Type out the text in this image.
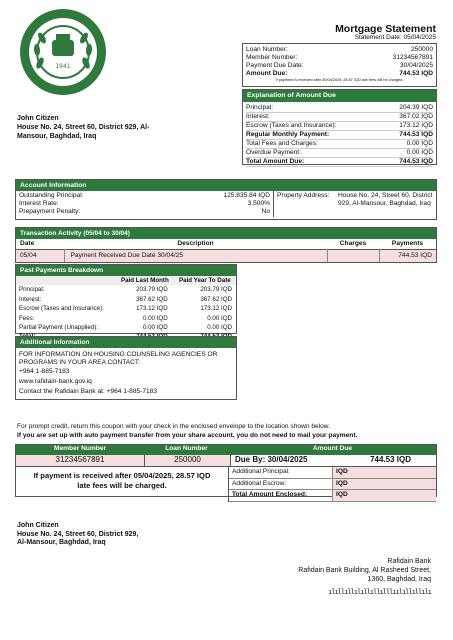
1941
Mortgage Statement
Statement Date: 05/04/2025
Loan Number:	250000
Member Number:	31234567891
Payment Due Date:	30/04/2025
Amount Due:	744.53 IQD
If payment is received after 30/04/2025, 28.57 IQD late fees will be charged.
Explanation of Amount Due
Principal:	204.39 IQD
Interest:	367.02 IQD
Escrow (Taxes and Insurance):	173.12 IQD
Regular Monthly Payment:	744.53 IQD
Total Fees and Charges:	0.00 IQD
Overdue Payment:	0.00 IQD
Total Amount Due:	744.53 IQD
John Citizen
House No. 24, Street 60, District 929, Al-Mansour, Baghdad, Iraq
Account Information
Outstanding Principal:	125,835.84 IQD
Interest Rate:	3.500%
Prepayment Penalty:	No
Property Address:	House No. 24, Street 60, District 929, Al-Mansour, Baghdad, Iraq
Transaction Activity (05/04 to 30/04)
Date	Description	Charges	Payments
05/04	Payment Received Due Date 30/04/25		744.53 IQD
Past Payments Breakdown
	Paid Last Month	Paid Year To Date
Principal:	203.79 IQD	203.79 IQD
Interest:	367.62 IQD	367.62 IQD
Escrow (Taxes and Insurance):	173.12 IQD	173.12 IQD
Fees:	0.00 IQD	0.00 IQD
Partial Payment (Unapplied):	0.00 IQD	0.00 IQD

Additional Information
FOR INFORMATION ON HOUSING COUNSELING AGENCIES OR PROGRAMS IN YOUR AREA CONTACT:
+964 1-885-7183
www.rafidain-bank.gov.iq
Contact the Rafidain Bank at: +964 1-885-7183
For prompt credit, return this coupon with your check in the enclosed envelope to the location shown below.
If you are set up with auto payment transfer from your share account, you do not need to mail your payment.
Member Number	Loan Number	Amount Due
31234567891	250000	Due By: 30/04/2025	744.53 IQD
If payment is received after 05/04/2025, 28.57 IQD late fees will be charged.
Additional Principal:	IQD
Additional Escrow:	IQD
Total Amount Enclosed:	IQD
John Citizen
House No. 24, Street 60, District 929,
Al-Mansour, Baghdad, Iraq
Rafidain Bank
Rafidain Bank Building, Al Rasheed Street,
1360, Baghdad, Iraq
ılıllıllılıllıllılllıılıllıllılı
